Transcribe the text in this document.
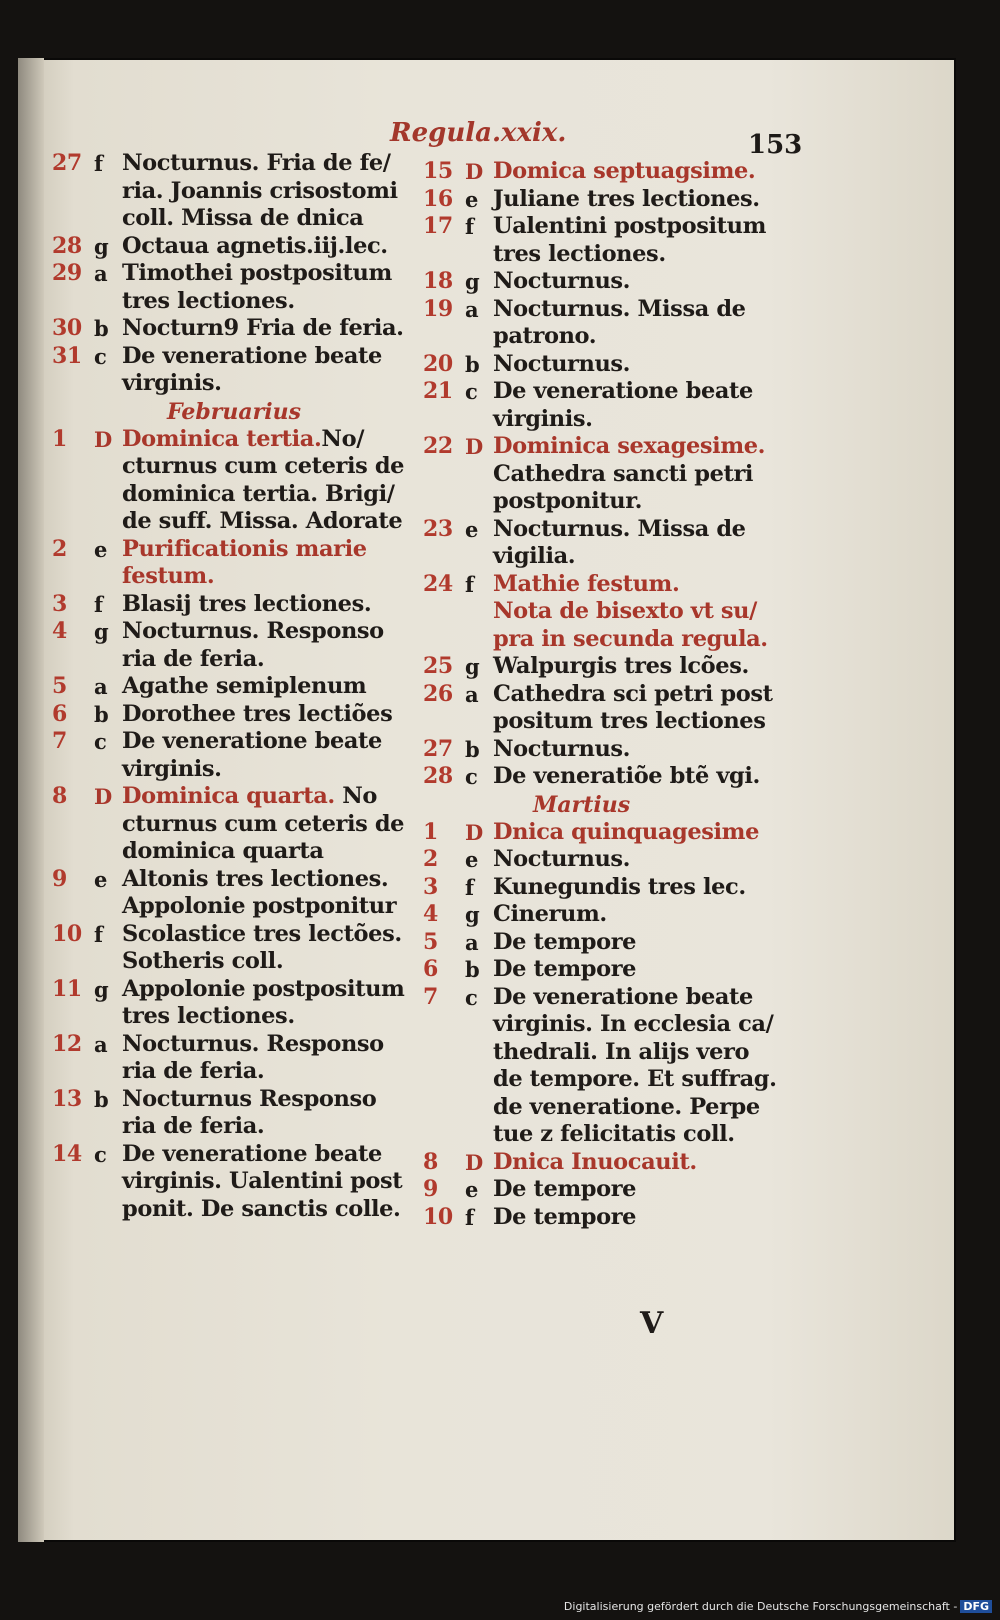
Regula.xxix.	153
27 f Nocturnus. Fria de fe/
ria. Joannis crisostomi
coll. Missa de dnica
28 g Octaua agnetis.iij.lec.
29 a Timothei postpositum
tres lectiones.
30 b Nocturn9 Fria de feria.
31 c De veneratione beate
virginis.
Februarius
1	D Dominica tertia.No/
cturnus cum ceteris de
dominica tertia. Brigi/
de suff. Missa. Adorate
2	e Purificationis marie
festum.
3	f Blasij tres lectiones.
4	g Nocturnus. Responso
ria de feria.
5	a Agathe semiplenum
6	b Dorothee tres lectiões
7	c De veneratione beate
virginis.
8	D Dominica quarta. No
cturnus cum ceteris de
dominica quarta
9	e Altonis tres lectiones.
Appolonie postponitur
10 f Scolastice tres lectões.
Sotheris coll.
11 g Appolonie postpositum
tres lectiones.
12 a Nocturnus. Responso
ria de feria.
13 b Nocturnus Responso
ria de feria.
14 c De veneratione beate
virginis. Ualentini post
ponit. De sanctis colle.
15 D Domica septuagsime.
16 e Juliane tres lectiones.
17 f Ualentini postpositum
tres lectiones.
18 g Nocturnus.
19 a Nocturnus. Missa de
patrono.
20 b Nocturnus.
21 c De veneratione beate
virginis.
22 D Dominica sexagesime.
Cathedra sancti petri
postponitur.
23 e Nocturnus. Missa de
vigilia.
24 f Mathie festum.
Nota de bisexto vt su/
pra in secunda regula.
25 g Walpurgis tres lcões.
26 a Cathedra sci petri post
positum tres lectiones
27 b Nocturnus.
28 c De veneratiõe btẽ vgi.
Martius
1	D Dnica quinquagesime
2	e Nocturnus.
3	f Kunegundis tres lec.
4	g Cinerum.
5	a De tempore
6	b De tempore
7	c De veneratione beate
virginis. In ecclesia ca/
thedrali. In alijs vero
de tempore. Et suffrag.
de veneratione. Perpe
tue z felicitatis coll.
8	D Dnica Inuocauit.
9	e De tempore
10 f De tempore
V
Digitalisierung gefördert durch die Deutsche Forschungsgemeinschaft - DFG
